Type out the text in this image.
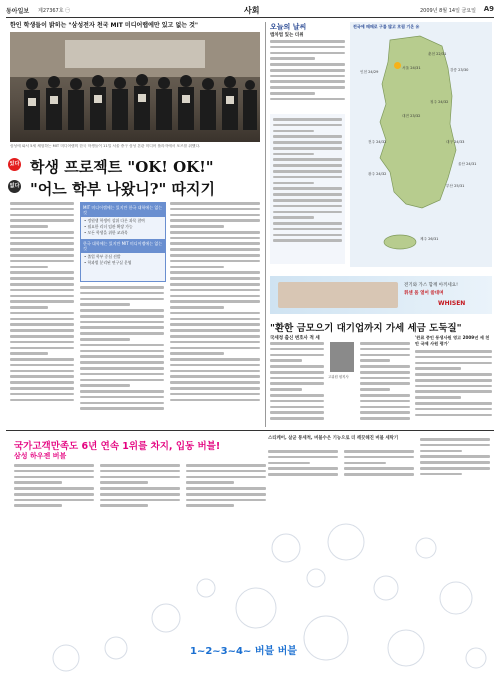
동아일보 제27367호 ㊀	사회	2009년 8월 14일 금요일 A9
한인 학생들이 밝히는 "삼성전자 천국 MIT 미디어랩에만 있고 없는 것"
삼성에 와서 5세 체험하는 MIT 미디어랩의 한국 학생들이 11일 서울 중구 삼성 본관 미디어 플라자에서 포즈를 취했다.
있다 학생 프로젝트 "OK! OK!"
없다 "어느 학부 나왔니?" 따지기
MIT 미디어랩에는 있지만 한국 대학에는 없는 것
• 정원생 학생이 상위 다른 과목 참여
• 필요한 리더 임관 확장 가능
• 모든 학생을 위한 교과목
한국 대학에는 있지만 MIT 미디어랩에는 없는 것
• 졸업 학부 중심 선발
• 학과별 분리된 연구실 운영
오늘의 날씨
맵차법 있는 더위
전국에 때때로 구름 많고 흐림 기온 유
서울 24/31
인천 24/29
춘천 22/31
강릉 23/30
대전 23/32
청주 24/32
전주 24/32
광주 24/32
대구 24/33
부산 25/31
울산 24/31
제주 26/31
전기와 가스 함께 아끼세요!
휘센 몸 열어 쓸대며
WHISEN
"환한 금모으기 대기업까지 가세 세금 도둑질"
국세청 출신 변호사 적 세
고위원 원칙사
'완료 중인 동생사원 영고 2009년 세 천안 국제 사원 평가'
국가고객만족도 6년 연속 1위를 차지, 입동 버블!
삼성 하우젠 버블
스티케어, 살균 통세척, 버블수은 기능으로 더 깨끗해진 버블 세탁기
1~2~3~4~ 버블 버블
